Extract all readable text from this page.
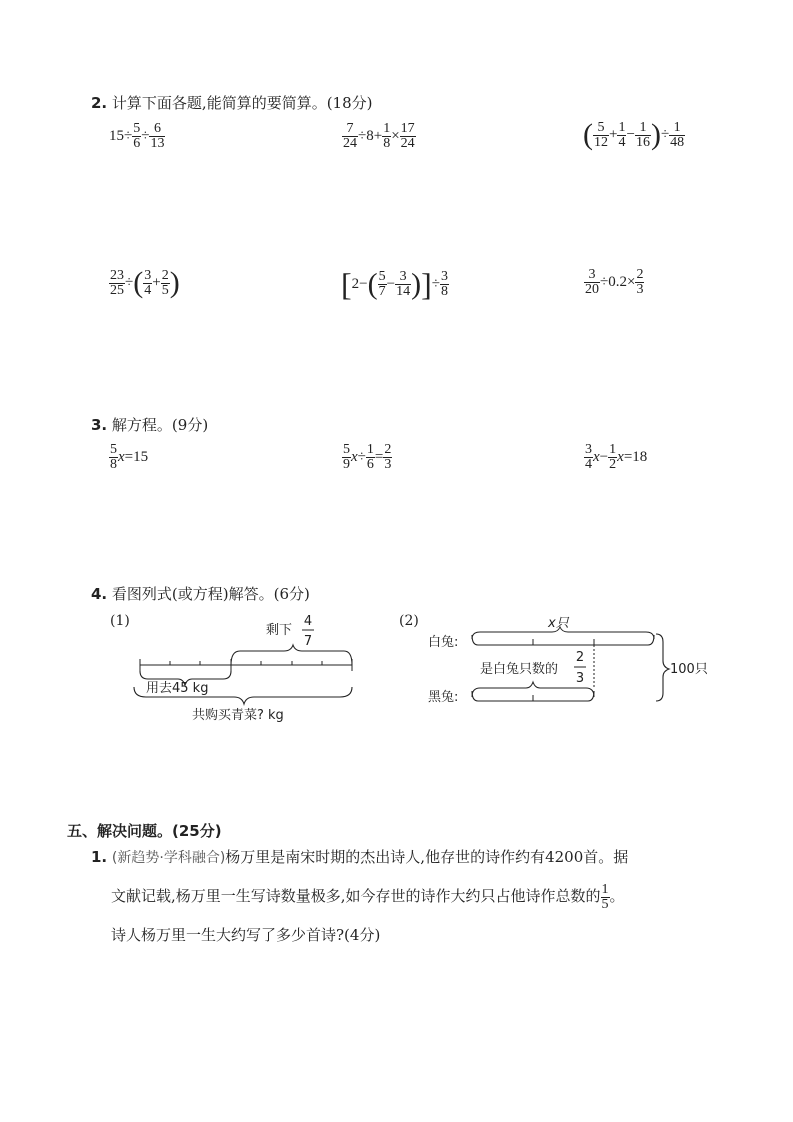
2. 计算下面各题,能简算的要简算。(18分)
$15\div \frac{5}{6} \div \frac{6}{13}$	$\frac{7}{24} \div 8+ \frac{1}{8} \times \frac{17}{24}$	( $\frac{5}{12} + \frac{1}{4} - \frac{1}{16}$ )÷ $\frac{1}{48}$
$\frac{23}{25}$ ÷( $\frac{3}{4} + \frac{2}{5}$ )	[$2-( \frac{5}{7} - \frac{3}{14}$ )]÷ $\frac{3}{8}$	$\frac{3}{20} \div 0.2\times \frac{2}{3}$
3. 解方程。(9分)
$\frac{5}{8} x=15$	$\frac{5}{9} x\div \frac{1}{6} = \frac{2}{3}$	$\frac{3}{4} x- \frac{1}{2} x=18$
4. 看图列式(或方程)解答。(6分)
(1)
剩下
4
7
用去45 kg
共购买青菜? kg
(2)
白兔:
黑兔:
x只
是白兔只数的
2
3
100只
五、解决问题。(25分)
1. (新趋势·学科融合)杨万里是南宋时期的杰出诗人,他存世的诗作约有4200首。据
文献记载,杨万里一生写诗数量极多,如今存世的诗作大约只占他诗作总数的 $\frac{1}{5}$ 。
诗人杨万里一生大约写了多少首诗?(4分)
